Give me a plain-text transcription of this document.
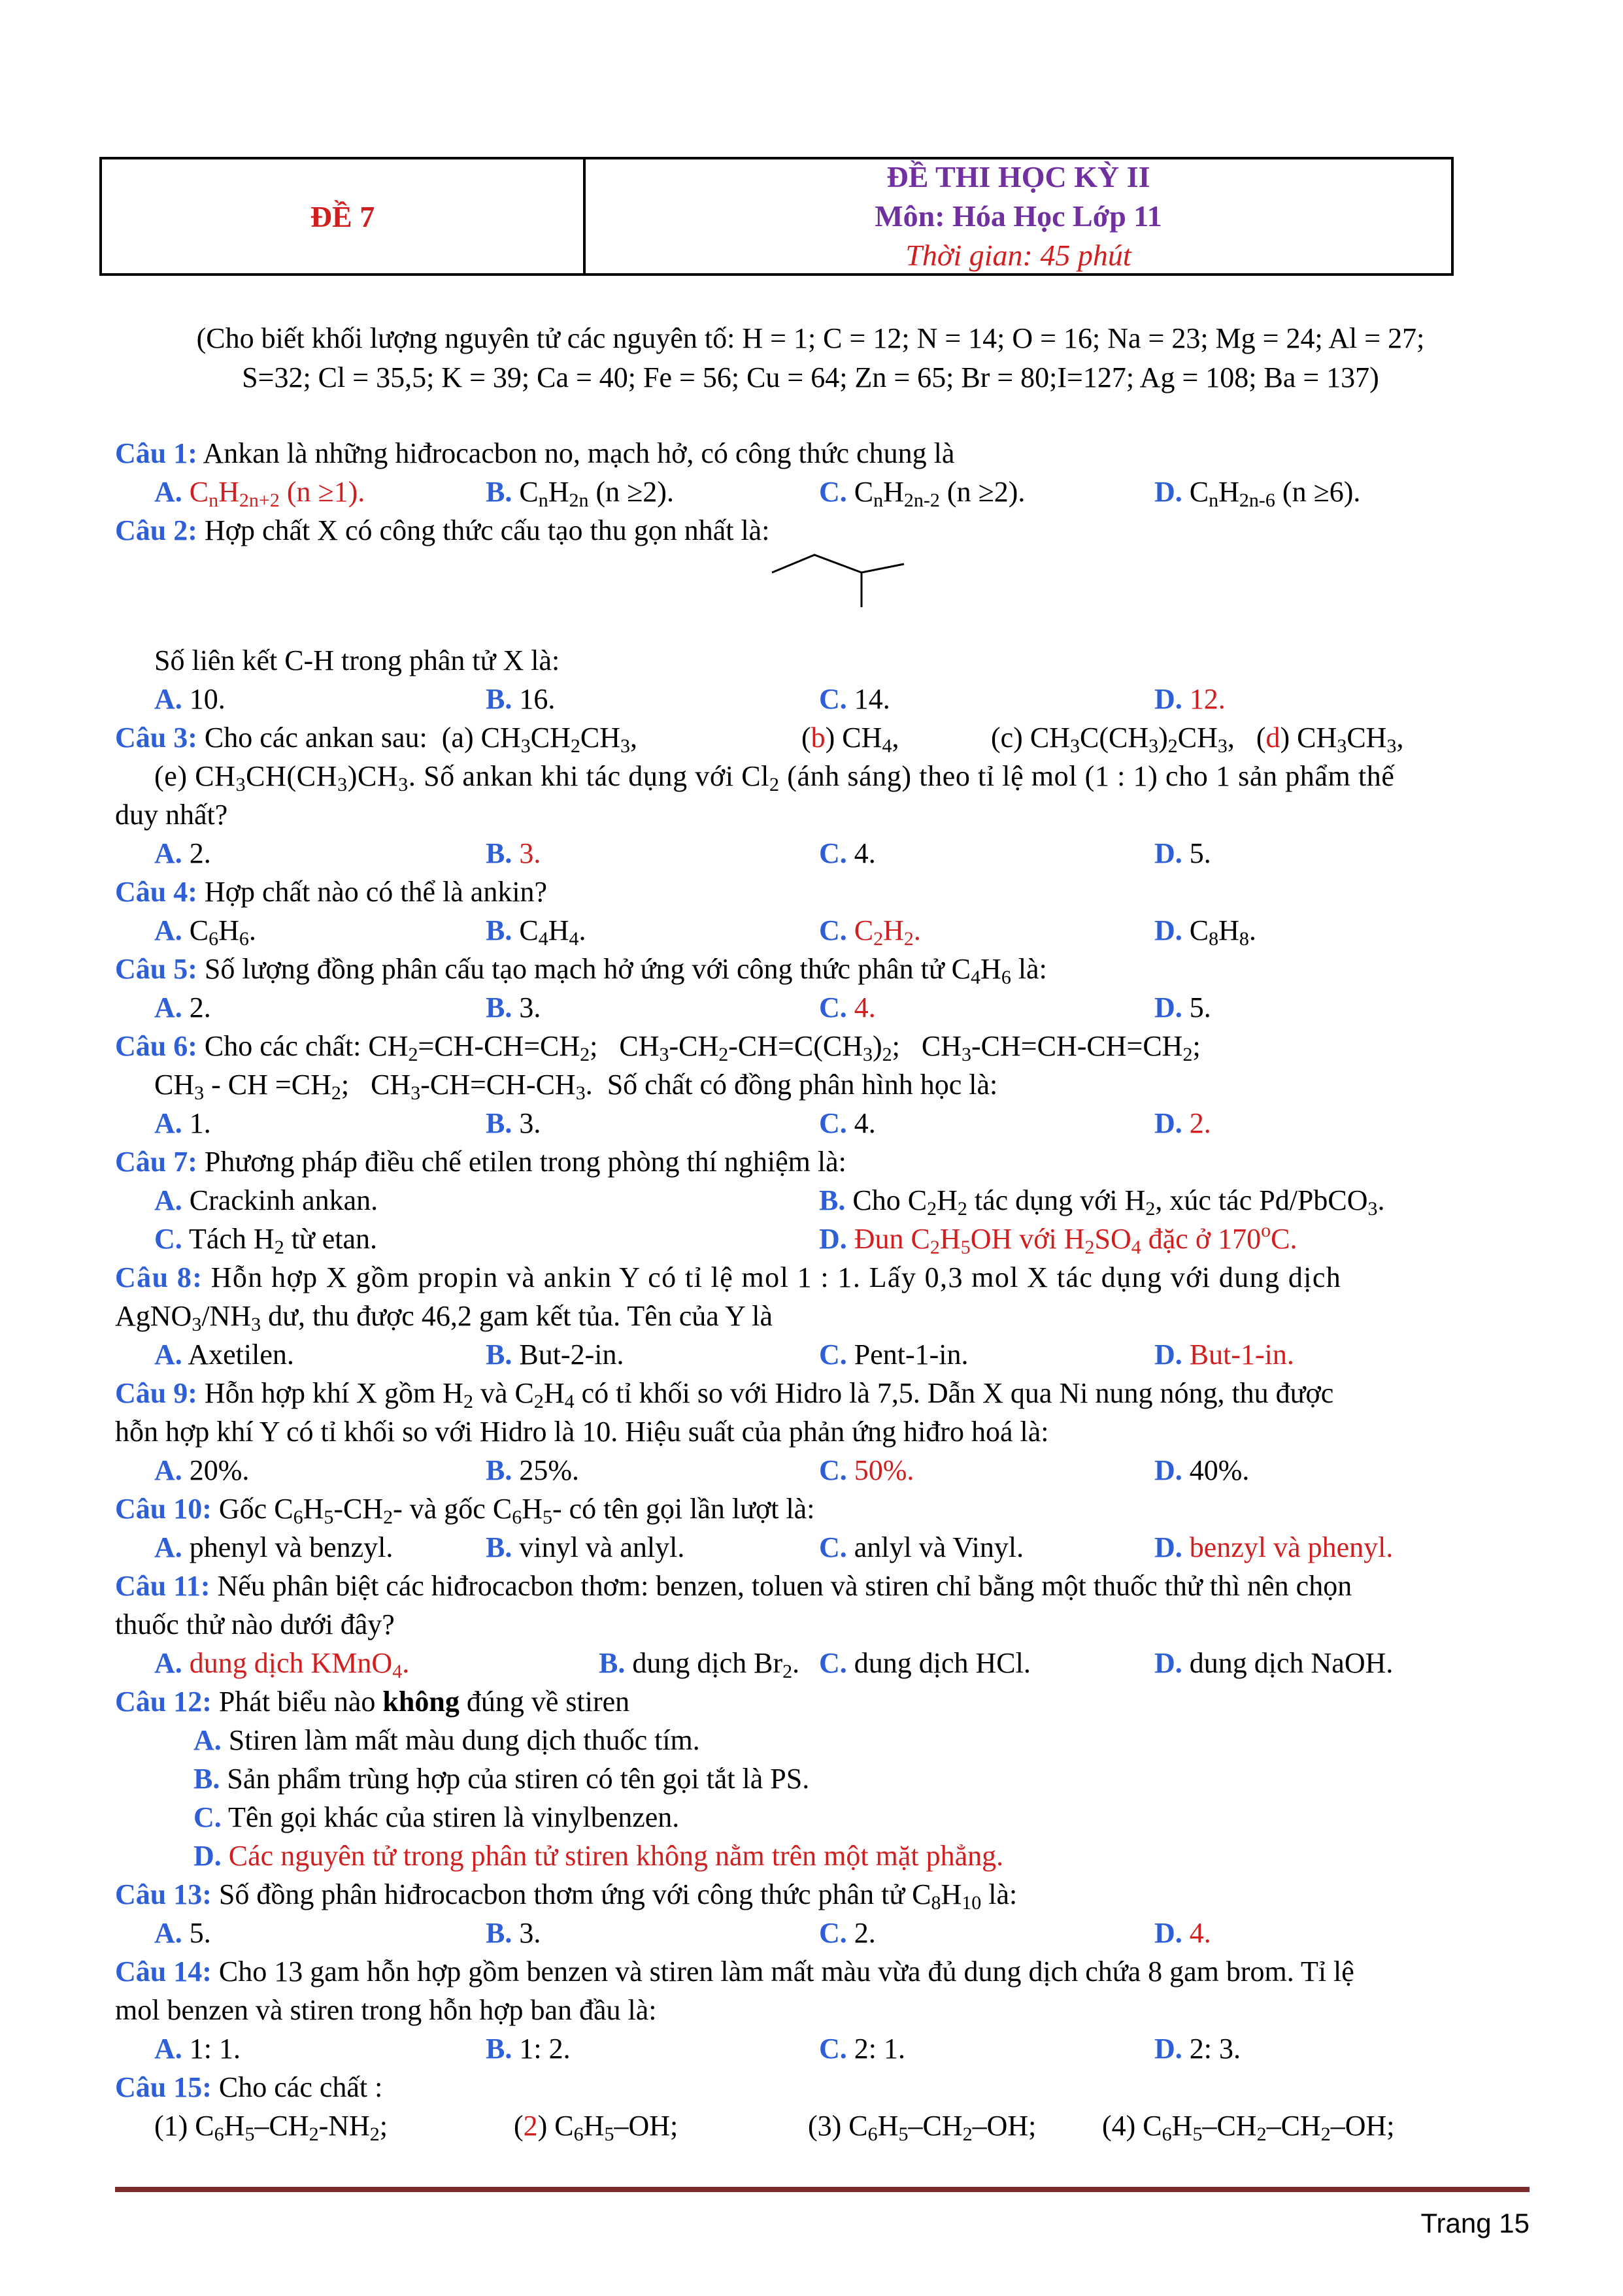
ĐỀ 7
ĐỀ THI HỌC KỲ II
Môn: Hóa Học Lớp 11
Thời gian: 45 phút
(Cho biết khối lượng nguyên tử các nguyên tố: H = 1; C = 12; N = 14; O = 16; Na = 23; Mg = 24; Al = 27;
S=32; Cl = 35,5; K = 39; Ca = 40; Fe = 56; Cu = 64; Zn = 65; Br = 80;I=127; Ag = 108; Ba = 137)
Câu 1: Ankan là những hiđrocacbon no, mạch hở, có công thức chung là
A. $C_nH_{2n+2}$ (n ≥1).	B. $C_nH_{2n}$ (n ≥2).	C. $C_nH_{2n-2}$ (n ≥2).	D. $C_nH_{2n-6}$ (n ≥6).
Câu 2: Hợp chất X có công thức cấu tạo thu gọn nhất là:
Số liên kết C-H trong phân tử X là:
A. 10.	B. 16.	C. 14.	D. 12.
Câu 3: Cho các ankan sau:  (a) $CH_3CH_2CH_3$,	(b) $CH_4$,	(c) $CH_3C(CH_3)_2CH_3$,   (d) $CH_3CH_3$,
(e) $CH_3CH(CH_3)CH_3$. Số ankan khi tác dụng với $Cl_2$ (ánh sáng) theo tỉ lệ mol (1 : 1) cho 1 sản phẩm thế
duy nhất?
A. 2.	B. 3.	C. 4.	D. 5.
Câu 4: Hợp chất nào có thể là ankin?
A. $C_6H_6$.	B. $C_4H_4$.	C. $C_2H_2$.	D. $C_8H_8$.
Câu 5: Số lượng đồng phân cấu tạo mạch hở ứng với công thức phân tử $C_4H_6$ là:
A. 2.	B. 3.	C. 4.	D. 5.
Câu 6: Cho các chất: $CH_2=CH-CH=CH_2$;   $CH_3-CH_2-CH=C(CH_3)_2$;   $CH_3-CH=CH-CH=CH_2$;
$CH_3$ - CH $=CH_2$;   $CH_3-CH=CH-CH_3$.  Số chất có đồng phân hình học là:
A. 1.	B. 3.	C. 4.	D. 2.
Câu 7: Phương pháp điều chế etilen trong phòng thí nghiệm là:
A. Crackinh ankan.	B. Cho $C_2H_2$ tác dụng với $H_2$, xúc tác Pd/PbCO$_3$.
C. Tách $H_2$ từ etan.	D. Đun $C_2H_5OH$ với $H_2SO_4$ đặc ở 170$^o$C.
Câu 8: Hỗn hợp X gồm propin và ankin Y có tỉ lệ mol 1 : 1. Lấy 0,3 mol X tác dụng với dung dịch
$AgNO_3/NH_3$ dư, thu được 46,2 gam kết tủa. Tên của Y là
A. Axetilen.	B. But-2-in.	C. Pent-1-in.	D. But-1-in.
Câu 9: Hỗn hợp khí X gồm $H_2$ và $C_2H_4$ có tỉ khối so với Hidro là 7,5. Dẫn X qua Ni nung nóng, thu được
hỗn hợp khí Y có tỉ khối so với Hidro là 10. Hiệu suất của phản ứng hiđro hoá là:
A. 20%.	B. 25%.	C. 50%.	D. 40%.
Câu 10: Gốc $C_6H_5-CH_2-$ và gốc $C_6H_5-$ có tên gọi lần lượt là:
A. phenyl và benzyl.	B. vinyl và anlyl.	C. anlyl và Vinyl.	D. benzyl và phenyl.
Câu 11: Nếu phân biệt các hiđrocacbon thơm: benzen, toluen và stiren chỉ bằng một thuốc thử thì nên chọn
thuốc thử nào dưới đây?
A. dung dịch KMnO$_4$.	B. dung dịch $Br_2$. C. dung dịch HCl.	D. dung dịch NaOH.
Câu 12: Phát biểu nào không đúng về stiren
A. Stiren làm mất màu dung dịch thuốc tím.
B. Sản phẩm trùng hợp của stiren có tên gọi tắt là PS.
C. Tên gọi khác của stiren là vinylbenzen.
D. Các nguyên tử trong phân tử stiren không nằm trên một mặt phẳng.
Câu 13: Số đồng phân hiđrocacbon thơm ứng với công thức phân tử $C_8H_{10}$ là:
A. 5.	B. 3.	C. 2.	D. 4.
Câu 14: Cho 13 gam hỗn hợp gồm benzen và stiren làm mất màu vừa đủ dung dịch chứa 8 gam brom. Tỉ lệ
mol benzen và stiren trong hỗn hợp ban đầu là:
A. 1: 1.	B. 1: 2.	C. 2: 1.	D. 2: 3.
Câu 15: Cho các chất :
(1) $C_6H_5-CH_2-NH_2$;	(2) $C_6H_5-OH$;	(3) $C_6H_5-CH_2-OH$; (4) $C_6H_5-CH_2-CH_2-OH$;
Trang 15
